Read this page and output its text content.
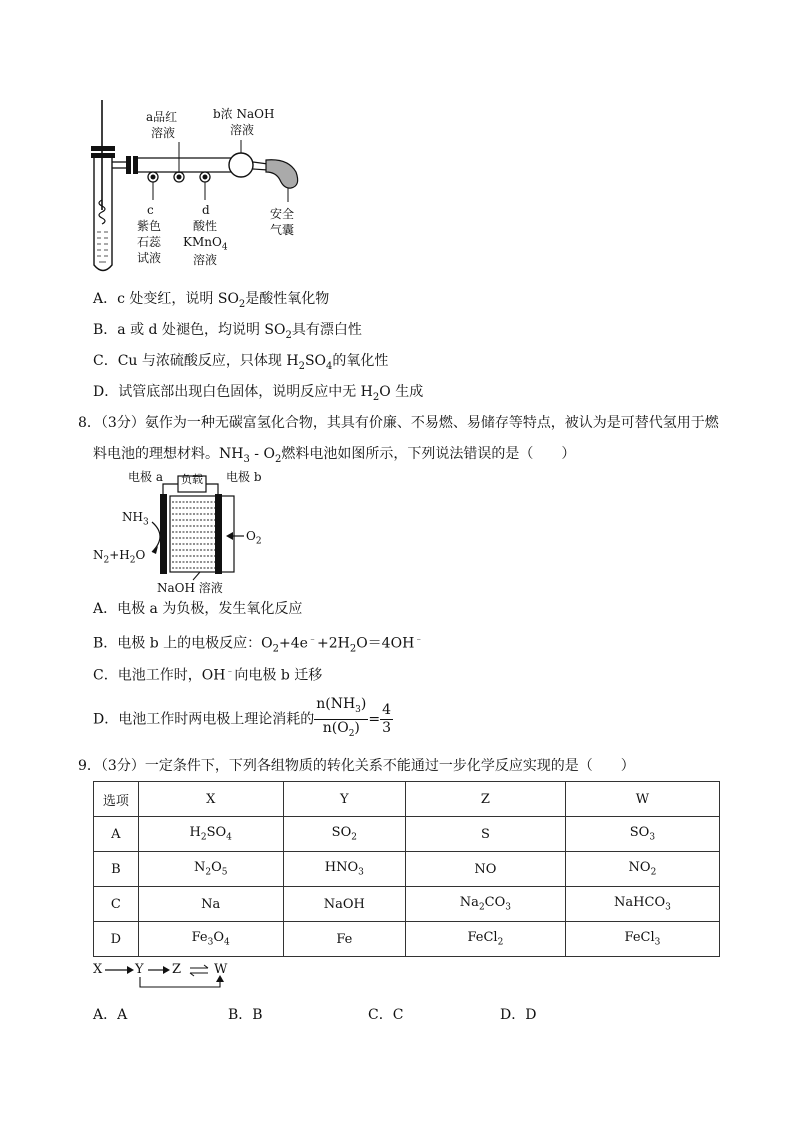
a品红
溶液
b浓 NaOH
溶液
c
紫色
石蕊
试液
d
酸性
KMnO$_4$
溶液
安全
气囊
A．c 处变红，说明 $SO_2$是酸性氧化物
B．a 或 d 处褪色，均说明 $SO_2$具有漂白性
C．Cu 与浓硫酸反应，只体现 $H_2SO_4$的氧化性
D．试管底部出现白色固体，说明反应中无 $H_2O$ 生成
8．（3分）氨作为一种无碳富氢化合物，其具有价廉、不易燃、易储存等特点，被认为是可替代氢用于燃
料电池的理想材料。$NH_3 - O_2$燃料电池如图所示，下列说法错误的是（　　）
电极 a 负载 电极 b
$NH_3$
$N_2+H_2O$
$O_2$
NaOH 溶液
A．电极 a 为负极，发生氧化反应
B．电极 b 上的电极反应：$O_2+4e^﹣+2H_2O=4OH^﹣$
C．电池工作时，OH﹣向电极 b 迁移
D．电池工作时两电极上理论消耗的 $\frac{n(NH_3)}{n(O_2)} = \frac{4}{3}$
9．（3分）一定条件下，下列各组物质的转化关系不能通过一步化学反应实现的是（　　）
选项	X	Y	Z	W
A	$H_2SO_4$	$SO_2$	S	$SO_3$
B	$N_2O_5$	$HNO_3$	NO	$NO_2$
C	Na	NaOH	$Na_2CO_3$	NaHCO$_3$
D	$Fe_3O_4$	Fe	FeCl$_2$	FeCl$_3$
X	Y Z	W
A．A	B．B	C．C	D．D
